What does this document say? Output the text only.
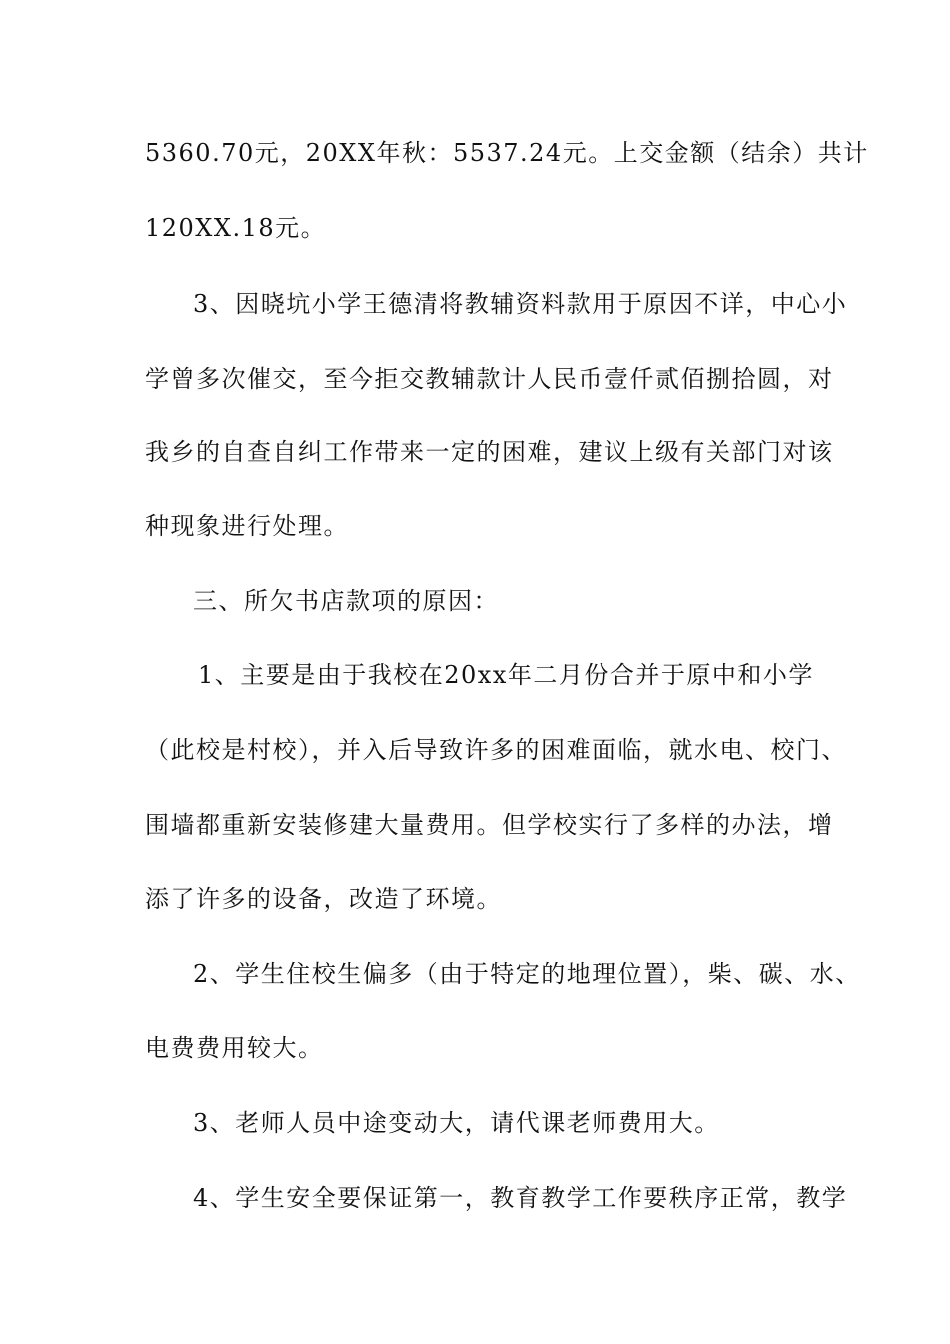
5360.70元，20XX年秋：5537.24元。上交金额（结余）共计
120XX.18元。
3、因晓坑小学王德清将教辅资料款用于原因不详，中心小
学曾多次催交，至今拒交教辅款计人民币壹仟贰佰捌拾圆，对
我乡的自查自纠工作带来一定的困难，建议上级有关部门对该
种现象进行处理。
三、所欠书店款项的原因：
1、主要是由于我校在20xx年二月份合并于原中和小学
（此校是村校），并入后导致许多的困难面临，就水电、校门、
围墙都重新安装修建大量费用。但学校实行了多样的办法，增
添了许多的设备，改造了环境。
2、学生住校生偏多（由于特定的地理位置），柴、碳、水、
电费费用较大。
3、老师人员中途变动大，请代课老师费用大。
4、学生安全要保证第一，教育教学工作要秩序正常，教学
